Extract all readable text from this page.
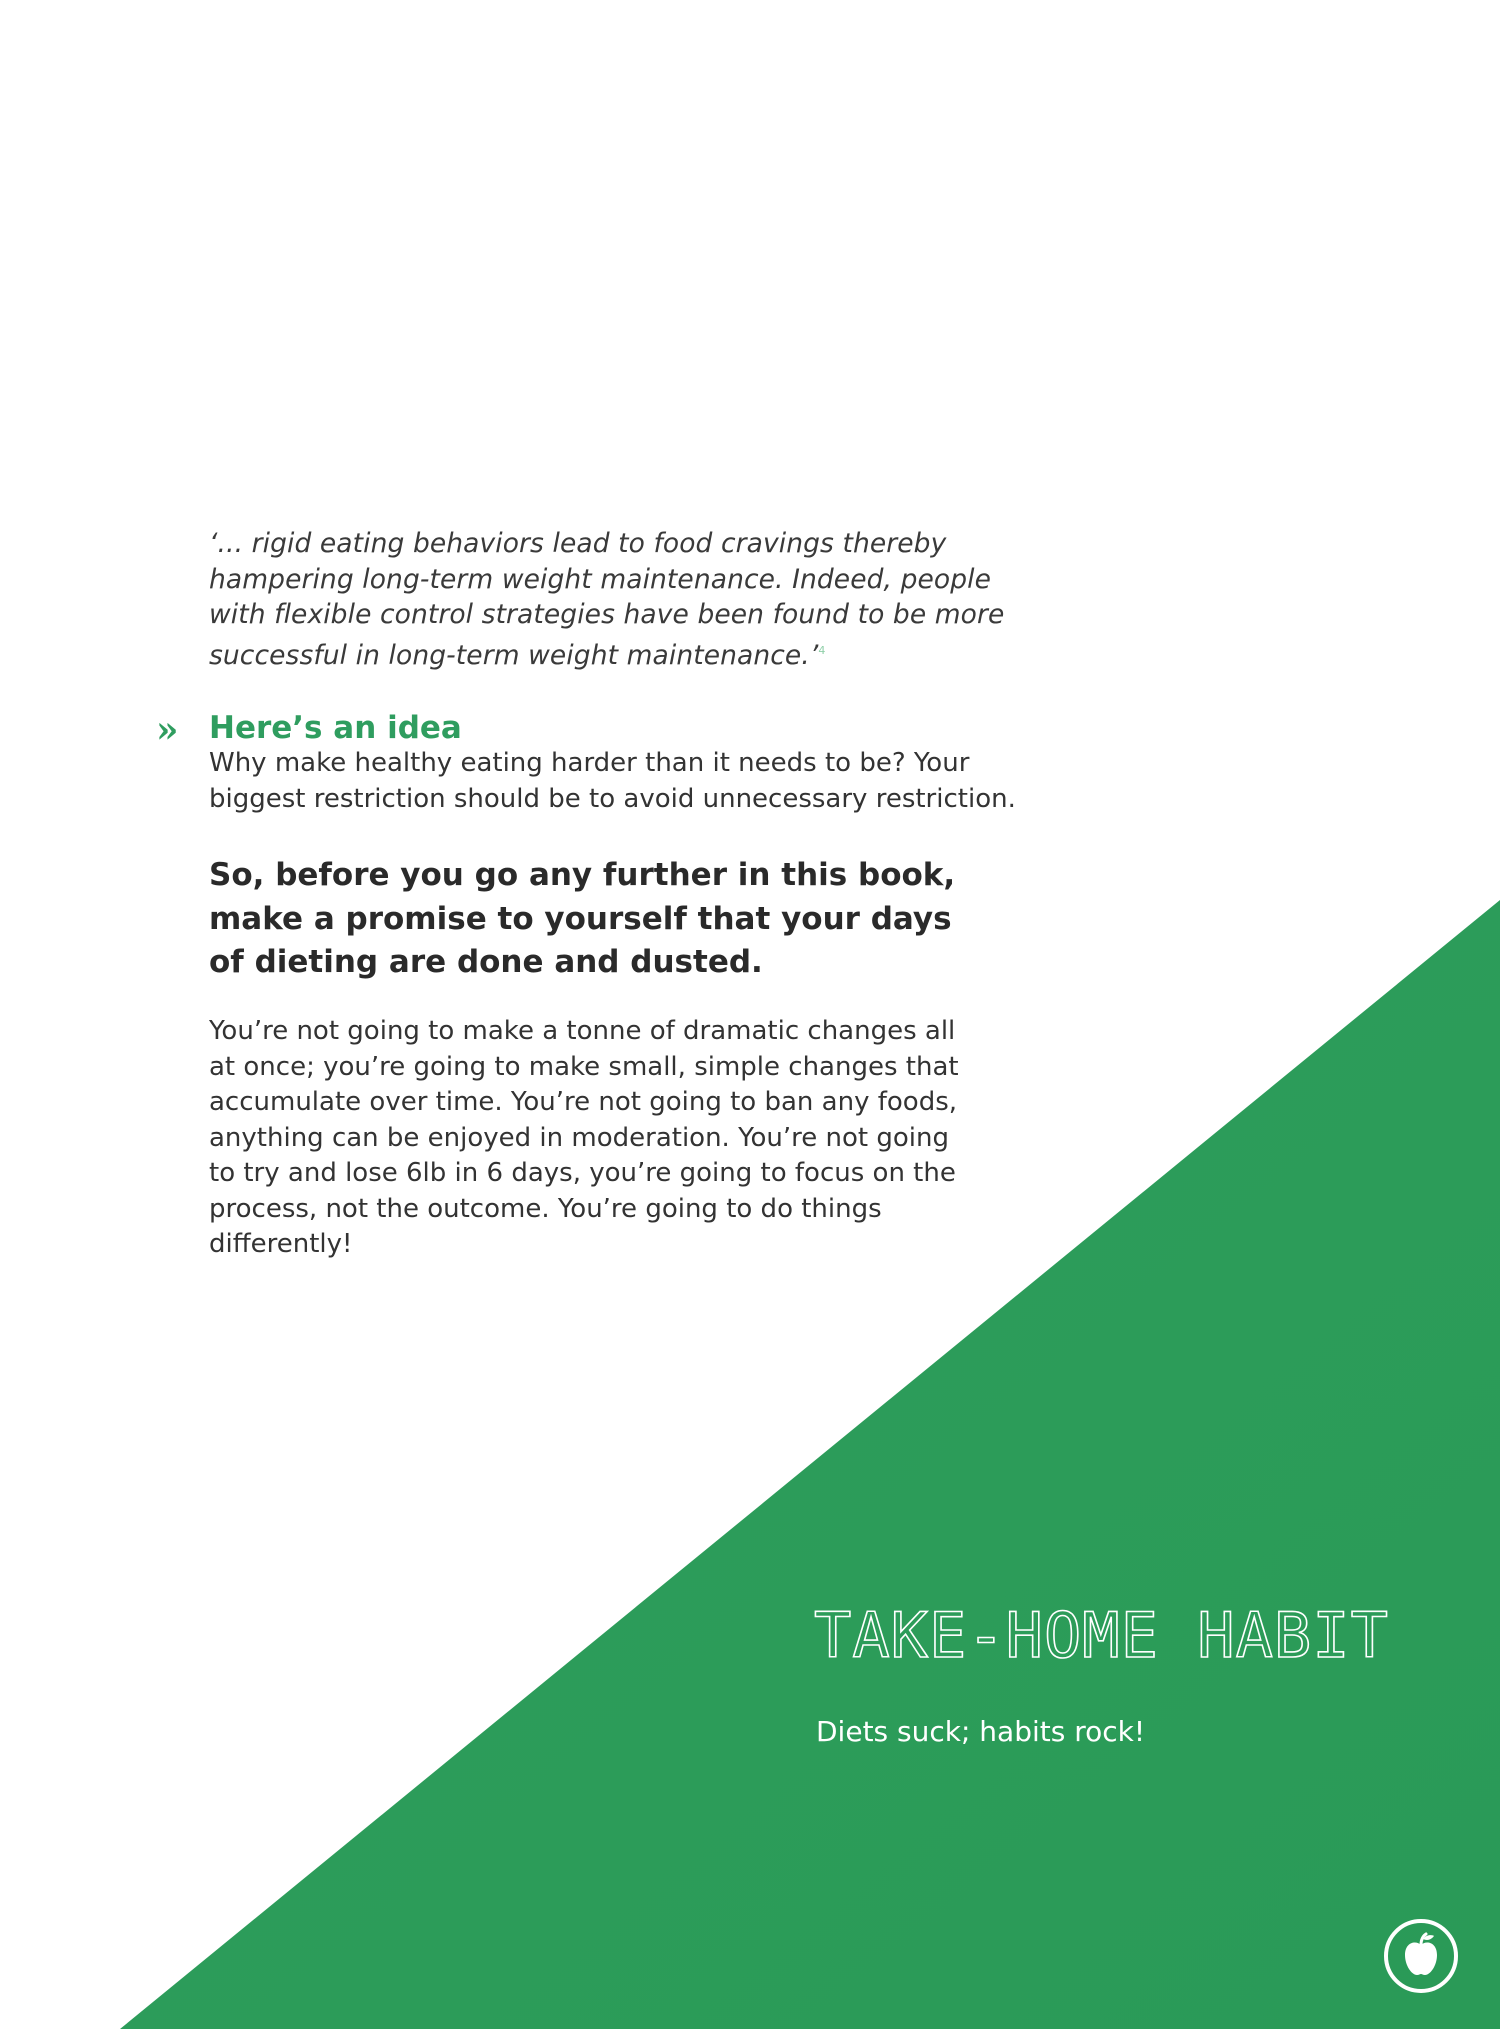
‘... rigid eating behaviors lead to food cravings thereby hampering long-term weight maintenance. Indeed, people with flexible control strategies have been found to be more successful in long-term weight maintenance.’$^4$
» Here’s an idea
Why make healthy eating harder than it needs to be? Your biggest restriction should be to avoid unnecessary restriction.
So, before you go any further in this book, make a promise to yourself that your days of dieting are done and dusted.
You’re not going to make a tonne of dramatic changes all at once; you’re going to make small, simple changes that accumulate over time. You’re not going to ban any foods, anything can be enjoyed in moderation. You’re not going to try and lose 6lb in 6 days, you’re going to focus on the process, not the outcome. You’re going to do things differently!
TAKE-HOME HABIT
Diets suck; habits rock!
